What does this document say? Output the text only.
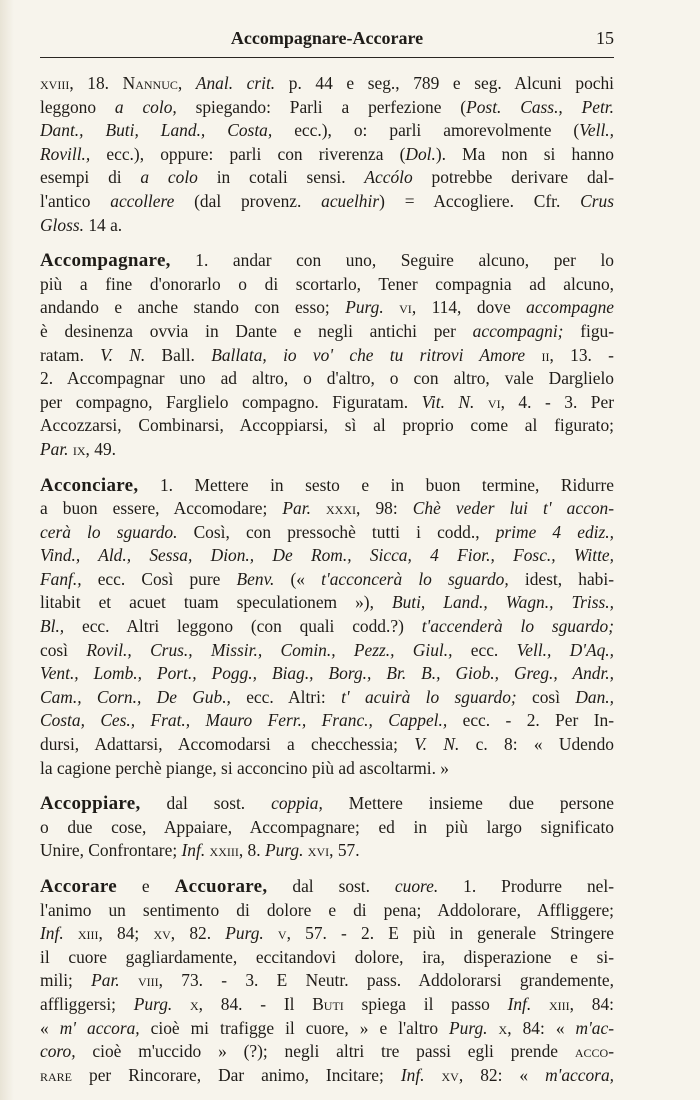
Accompagnare-Accorare	15
xviii, 18. Nannuc, Anal. crit. p. 44 e seg., 789 e seg. Alcuni pochi
leggono a colo, spiegando: Parli a perfezione (Post. Cass., Petr.
Dant., Buti, Land., Costa, ecc.), o: parli amorevolmente (Vell.,
Rovill., ecc.), oppure: parli con riverenza (Dol.). Ma non si hanno
esempi di a colo in cotali sensi. Accólo potrebbe derivare dal-
l'antico accollere (dal provenz. acuelhir) = Accogliere. Cfr. Crus
Gloss. 14 a.
Accompagnare, 1. andar con uno, Seguire alcuno, per lo
più a fine d'onorarlo o di scortarlo, Tener compagnia ad alcuno,
andando e anche stando con esso; Purg. vi, 114, dove accompagne
è desinenza ovvia in Dante e negli antichi per accompagni; figu-
ratam. V. N. Ball. Ballata, io vo' che tu ritrovi Amore ii, 13. -
2. Accompagnar uno ad altro, o d'altro, o con altro, vale Darglielo
per compagno, Farglielo compagno. Figuratam. Vit. N. vi, 4. - 3. Per
Accozzarsi, Combinarsi, Accoppiarsi, sì al proprio come al figurato;
Par. ix, 49.
Acconciare, 1. Mettere in sesto e in buon termine, Ridurre
a buon essere, Accomodare; Par. xxxi, 98: Chè veder lui t' accon-
cerà lo sguardo. Così, con pressochè tutti i codd., prime 4 ediz.,
Vind., Ald., Sessa, Dion., De Rom., Sicca, 4 Fior., Fosc., Witte,
Fanf., ecc. Così pure Benv. (« t'acconcerà lo sguardo, idest, habi-
litabit et acuet tuam speculationem »), Buti, Land., Wagn., Triss.,
Bl., ecc. Altri leggono (con quali codd.?) t'accenderà lo sguardo;
così Rovil., Crus., Missir., Comin., Pezz., Giul., ecc. Vell., D'Aq.,
Vent., Lomb., Port., Pogg., Biag., Borg., Br. B., Giob., Greg., Andr.,
Cam., Corn., De Gub., ecc. Altri: t' acuirà lo sguardo; così Dan.,
Costa, Ces., Frat., Mauro Ferr., Franc., Cappel., ecc. - 2. Per In-
dursi, Adattarsi, Accomodarsi a checchessia; V. N. c. 8: « Udendo
la cagione perchè piange, si acconcino più ad ascoltarmi. »
Accoppiare, dal sost. coppia, Mettere insieme due persone
o due cose, Appaiare, Accompagnare; ed in più largo significato
Unire, Confrontare; Inf. xxiii, 8. Purg. xvi, 57.
Accorare e Accuorare, dal sost. cuore. 1. Produrre nel-
l'animo un sentimento di dolore e di pena; Addolorare, Affliggere;
Inf. xiii, 84; xv, 82. Purg. v, 57. - 2. E più in generale Stringere
il cuore gagliardamente, eccitandovi dolore, ira, disperazione e si-
mili; Par. viii, 73. - 3. E Neutr. pass. Addolorarsi grandemente,
affliggersi; Purg. x, 84. - Il Buti spiega il passo Inf. xiii, 84:
« m' accora, cioè mi trafigge il cuore, » e l'altro Purg. x, 84: « m'ac-
coro, cioè m'uccido » (?); negli altri tre passi egli prende acco-
rare per Rincorare, Dar animo, Incitare; Inf. xv, 82: « m'accora,
